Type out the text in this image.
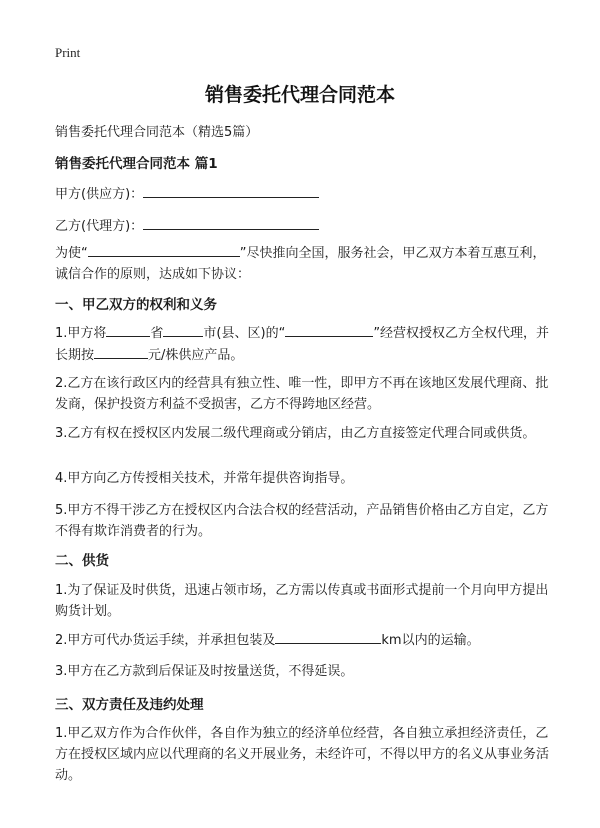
Print
销售委托代理合同范本
销售委托代理合同范本（精选5篇）
销售委托代理合同范本 篇1
甲方(供应方)：
乙方(代理方)：
为使“	”尽快推向全国，服务社会，甲乙双方本着互惠互利，诚信合作的原则，达成如下协议：
一、甲乙双方的权利和义务
1.甲方将	省	市(县、区)的“	”经营权授权乙方全权代理，并长期按	元/株供应产品。
2.乙方在该行政区内的经营具有独立性、唯一性，即甲方不再在该地区发展代理商、批发商，保护投资方利益不受损害，乙方不得跨地区经营。
3.乙方有权在授权区内发展二级代理商或分销店，由乙方直接签定代理合同或供货。
4.甲方向乙方传授相关技术，并常年提供咨询指导。
5.甲方不得干涉乙方在授权区内合法合权的经营活动，产品销售价格由乙方自定，乙方不得有欺诈消费者的行为。
二、供货
1.为了保证及时供货，迅速占领市场，乙方需以传真或书面形式提前一个月向甲方提出购货计划。
2.甲方可代办货运手续，并承担包装及	km以内的运输。
3.甲方在乙方款到后保证及时按量送货，不得延误。
三、双方责任及违约处理
1.甲乙双方作为合作伙伴，各自作为独立的经济单位经营，各自独立承担经济责任，乙方在授权区域内应以代理商的名义开展业务，未经许可，不得以甲方的名义从事业务活动。
